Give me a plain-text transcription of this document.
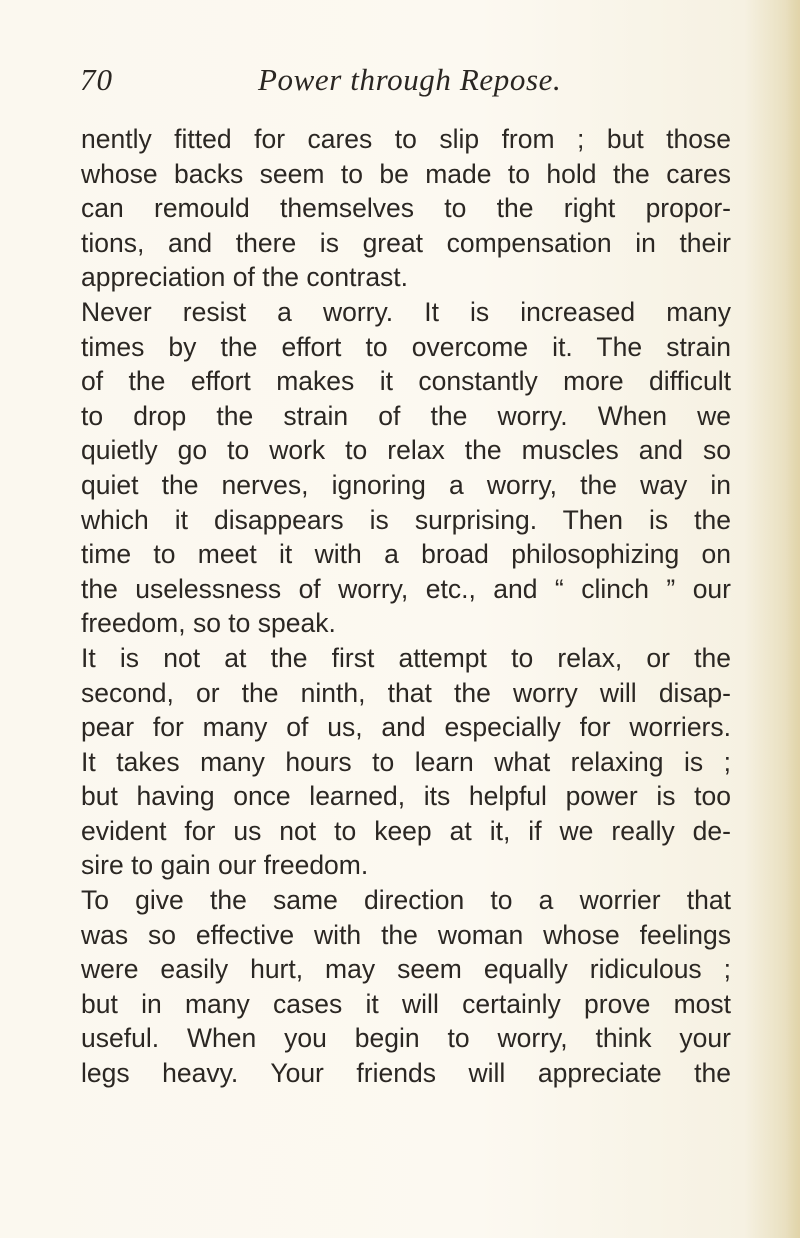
70	Power through Repose.
nently fitted for cares to slip from ; but those
whose backs seem to be made to hold the cares
can remould themselves to the right propor-
tions, and there is great compensation in their
appreciation of the contrast.
Never resist a worry. It is increased many
times by the effort to overcome it. The strain
of the effort makes it constantly more difficult
to drop the strain of the worry. When we
quietly go to work to relax the muscles and so
quiet the nerves, ignoring a worry, the way in
which it disappears is surprising. Then is the
time to meet it with a broad philosophizing on
the uselessness of worry, etc., and “ clinch ” our
freedom, so to speak.
It is not at the first attempt to relax, or the
second, or the ninth, that the worry will disap-
pear for many of us, and especially for worriers.
It takes many hours to learn what relaxing is ;
but having once learned, its helpful power is too
evident for us not to keep at it, if we really de-
sire to gain our freedom.
To give the same direction to a worrier that
was so effective with the woman whose feelings
were easily hurt, may seem equally ridiculous ;
but in many cases it will certainly prove most
useful. When you begin to worry, think your
legs heavy. Your friends will appreciate the
